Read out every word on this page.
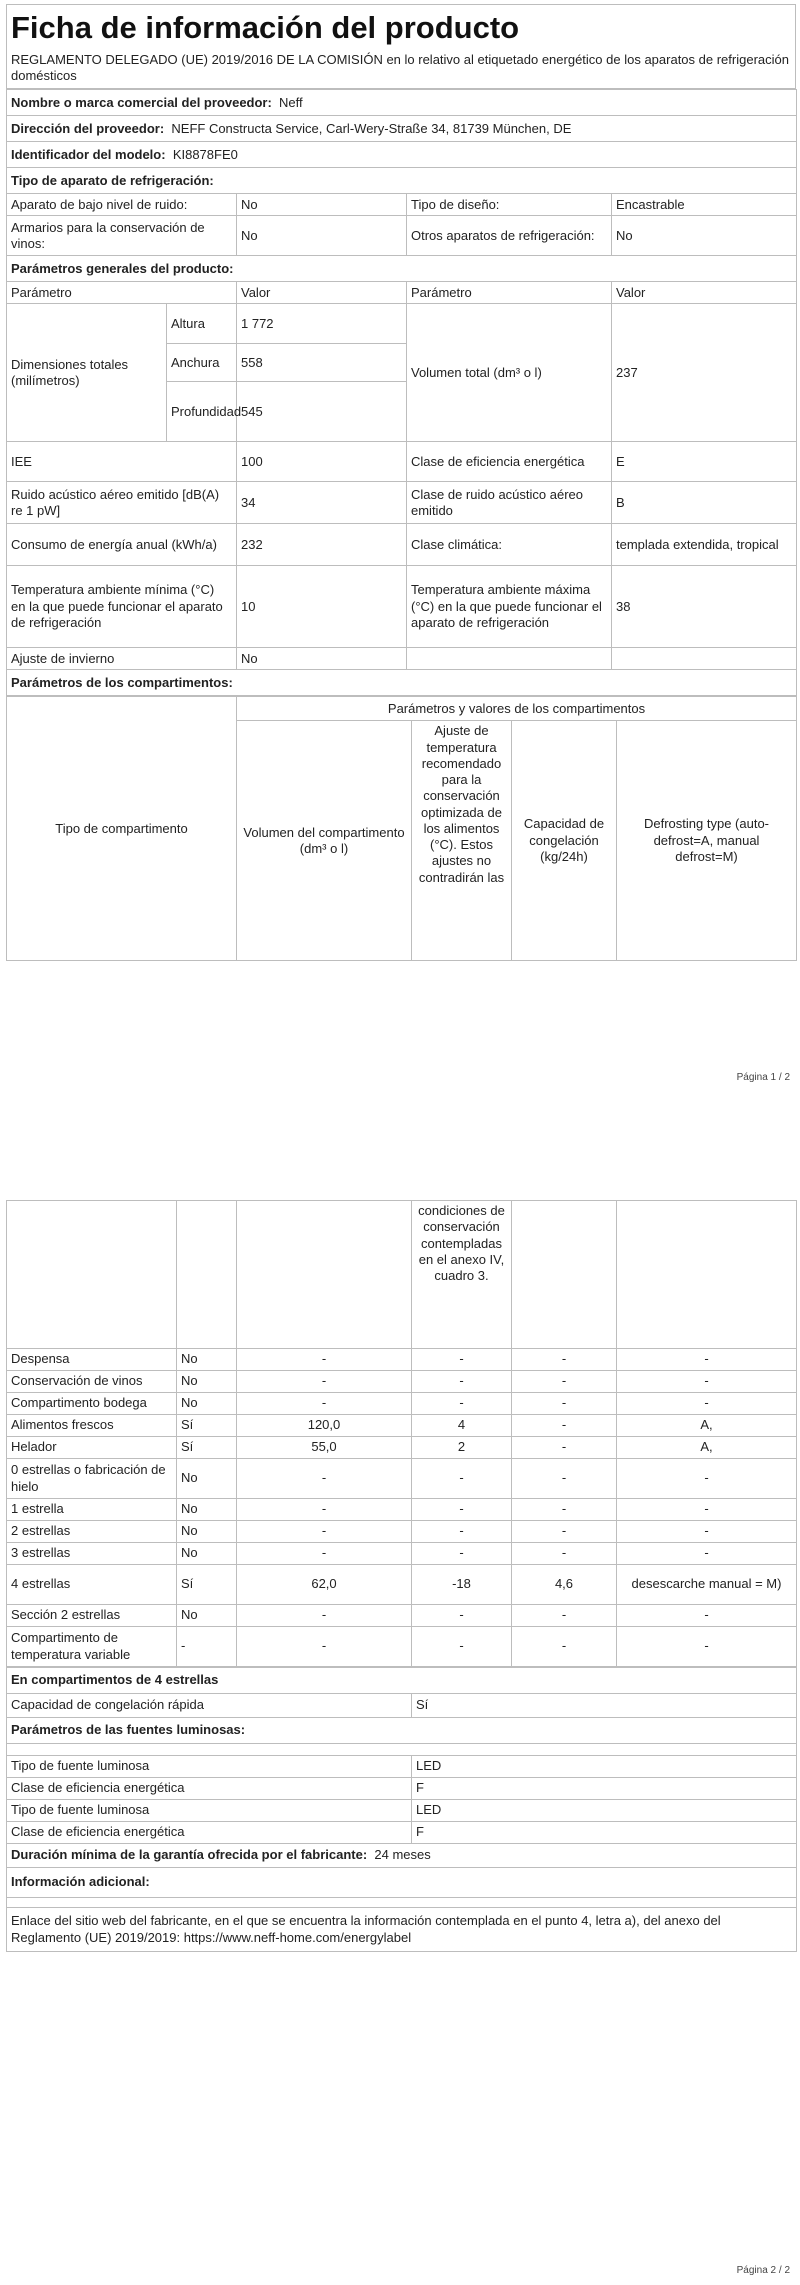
Ficha de información del producto
REGLAMENTO DELEGADO (UE) 2019/2016 DE LA COMISIÓN en lo relativo al etiquetado energético de los aparatos de refrigeración domésticos
Nombre o marca comercial del proveedor: Neff				
Dirección del proveedor: NEFF Constructa Service, Carl-Wery-Straße 34, 81739 München, DE				
Identificador del modelo: KI8878FE0				
Tipo de aparato de refrigeración:				
Aparato de bajo nivel de ruido:		No	Tipo de diseño:	Encastrable
Armarios para la conservación de vinos:		No	Otros aparatos de refrigeración:	No
Parámetros generales del producto:				
Parámetro		Valor	Parámetro	Valor
Dimensiones totales (milímetros)	Altura	1 772	Volumen total (dm³ o l)	237
	Anchura	558		
	Profundidad	545		
IEE		100	Clase de eficiencia energética	E
Ruido acústico aéreo emitido [dB(A) re 1 pW]		34	Clase de ruido acústico aéreo emitido	B
Consumo de energía anual (kWh/a)		232	Clase climática:	templada extendida, tropical
Temperatura ambiente mínima (°C) en la que puede funcionar el aparato de refrigeración		10	Temperatura ambiente máxima (°C) en la que puede funcionar el aparato de refrigeración	38
Ajuste de invierno		No		
Parámetros de los compartimentos:				
Tipo de compartimento	Parámetros y valores de los compartimentos			
	Volumen del compartimento (dm³ o l)	Ajuste de temperatura recomendado para la conservación optimizada de los alimentos (°C). Estos ajustes no contradirán las	Capacidad de congelación (kg/24h)	Defrosting type (auto-defrost=A, manual defrost=M)
Página 1 / 2
			condiciones de conservación contempladas en el anexo IV, cuadro 3.		
Despensa	No	-	-	-	-
Conservación de vinos	No	-	-	-	-
Compartimento bodega	No	-	-	-	-
Alimentos frescos	Sí	120,0	4	-	A,
Helador	Sí	55,0	2	-	A,
0 estrellas o fabricación de hielo	No	-	-	-	-
1 estrella	No	-	-	-	-
2 estrellas	No	-	-	-	-
3 estrellas	No	-	-	-	-
4 estrellas	Sí	62,0	-18	4,6	desescarche manual = M)
Sección 2 estrellas	No	-	-	-	-
Compartimento de temperatura variable	-	-	-	-	-
En compartimentos de 4 estrellas	
Capacidad de congelación rápida	Sí
Parámetros de las fuentes luminosas:	

Tipo de fuente luminosa	LED
Clase de eficiencia energética	F
Tipo de fuente luminosa	LED
Clase de eficiencia energética	F
Duración mínima de la garantía ofrecida por el fabricante: 24 meses	
Información adicional:	

Enlace del sitio web del fabricante, en el que se encuentra la información contemplada en el punto 4, letra a), del anexo del Reglamento (UE) 2019/2019: https://www.neff-home.com/energylabel	
Página 2 / 2
